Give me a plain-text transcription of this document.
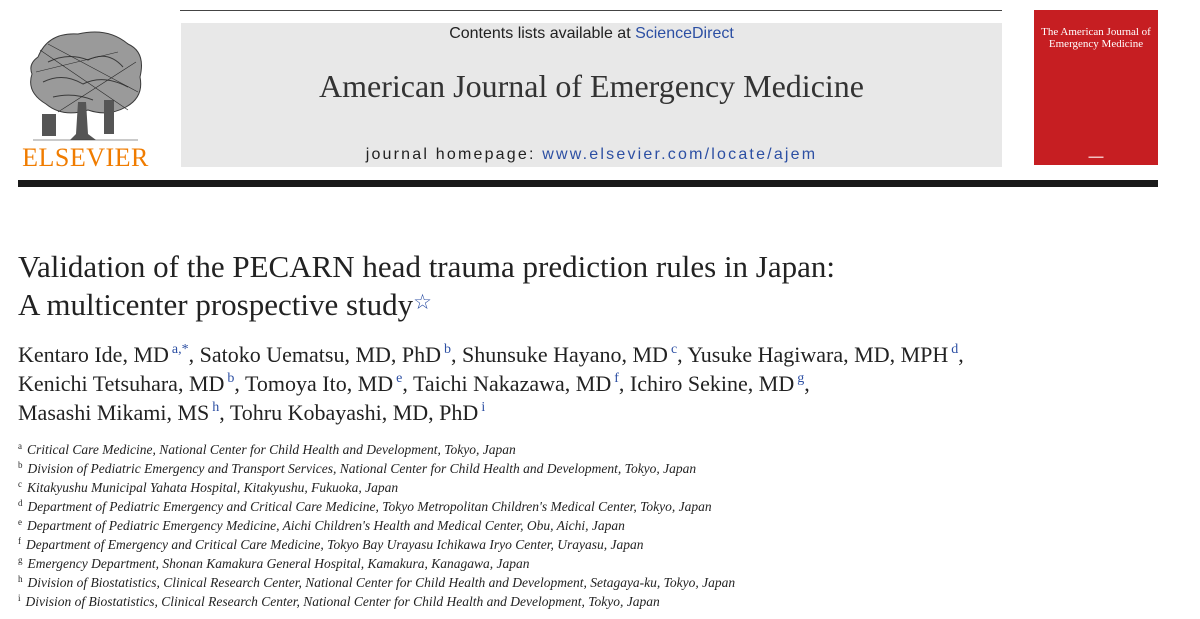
Contents lists available at ScienceDirect
American Journal of Emergency Medicine
journal homepage: www.elsevier.com/locate/ajem
ELSEVIER
The American Journal of Emergency Medicine
▬▬▬
Validation of the PECARN head trauma prediction rules in Japan:
A multicenter prospective study☆
Kentaro Ide, MD $^{a,*}$, Satoko Uematsu, MD, PhD $^b$, Shunsuke Hayano, MD $^c$, Yusuke Hagiwara, MD, MPH $^d$,
Kenichi Tetsuhara, MD $^b$, Tomoya Ito, MD $^e$, Taichi Nakazawa, MD $^f$, Ichiro Sekine, MD $^g$,
Masashi Mikami, MS $^h$, Tohru Kobayashi, MD, PhD $^i$
$^a$ Critical Care Medicine, National Center for Child Health and Development, Tokyo, Japan
$^b$ Division of Pediatric Emergency and Transport Services, National Center for Child Health and Development, Tokyo, Japan
$^c$ Kitakyushu Municipal Yahata Hospital, Kitakyushu, Fukuoka, Japan
$^d$ Department of Pediatric Emergency and Critical Care Medicine, Tokyo Metropolitan Children's Medical Center, Tokyo, Japan
$^e$ Department of Pediatric Emergency Medicine, Aichi Children's Health and Medical Center, Obu, Aichi, Japan
$^f$ Department of Emergency and Critical Care Medicine, Tokyo Bay Urayasu Ichikawa Iryo Center, Urayasu, Japan
$^g$ Emergency Department, Shonan Kamakura General Hospital, Kamakura, Kanagawa, Japan
$^h$ Division of Biostatistics, Clinical Research Center, National Center for Child Health and Development, Setagaya-ku, Tokyo, Japan
$^i$ Division of Biostatistics, Clinical Research Center, National Center for Child Health and Development, Tokyo, Japan
